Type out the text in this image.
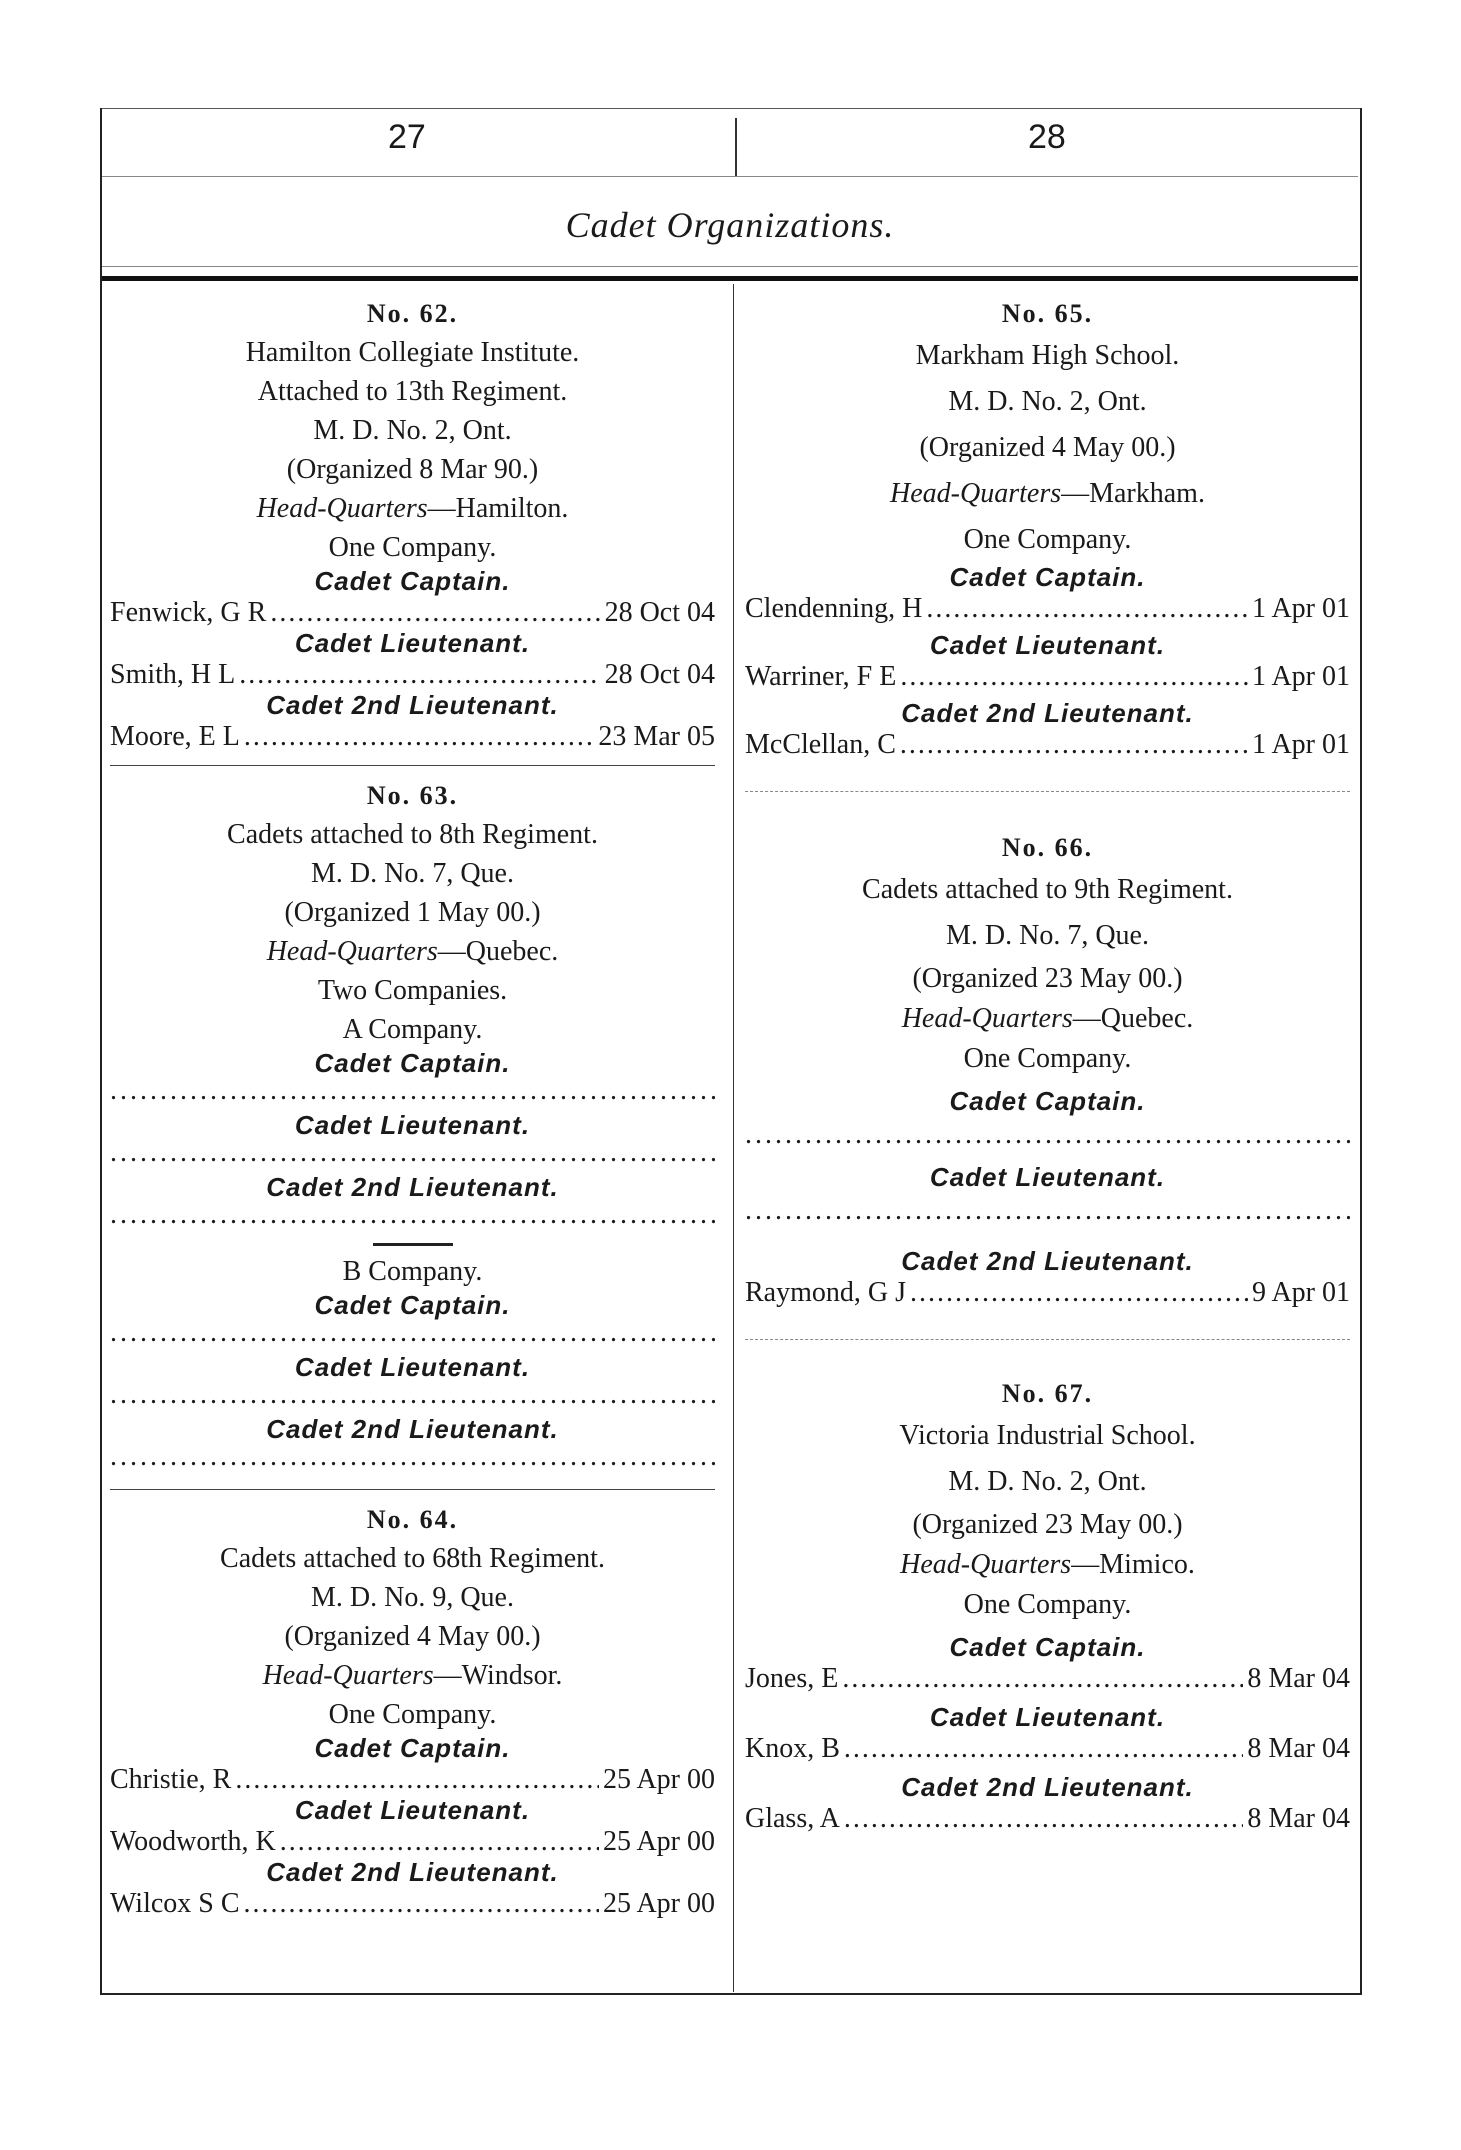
27	28
Cadet Organizations.
No. 62.
Hamilton Collegiate Institute.
Attached to 13th Regiment.
M. D. No. 2, Ont.
(Organized 8 Mar 90.)
Head-Quarters—Hamilton.
One Company.
Cadet Captain.
Fenwick, G R .....	28 Oct 04
Cadet Lieutenant.
Smith, H L .....	28 Oct 04
Cadet 2nd Lieutenant.
Moore, E L .....	23 Mar 05
No. 63.
Cadets attached to 8th Regiment.
M. D. No. 7, Que.
(Organized 1 May 00.)
Head-Quarters—Quebec.
Two Companies.
A Company.
Cadet Captain.
.....
Cadet Lieutenant.
.....
Cadet 2nd Lieutenant.
.....
B Company.
Cadet Captain.
.....
Cadet Lieutenant.
.....
Cadet 2nd Lieutenant.
.....
No. 64.
Cadets attached to 68th Regiment.
M. D. No. 9, Que.
(Organized 4 May 00.)
Head-Quarters—Windsor.
One Company.
Cadet Captain.
Christie, R .....	25 Apr 00
Cadet Lieutenant.
Woodworth, K .....	25 Apr 00
Cadet 2nd Lieutenant.
Wilcox S C .....	25 Apr 00
No. 65.
Markham High School.
M. D. No. 2, Ont.
(Organized 4 May 00.)
Head-Quarters—Markham.
One Company.
Cadet Captain.
Clendenning, H .....	1 Apr 01
Cadet Lieutenant.
Warriner, F E .....	1 Apr 01
Cadet 2nd Lieutenant.
McClellan, C .....	1 Apr 01
No. 66.
Cadets attached to 9th Regiment.
M. D. No. 7, Que.
(Organized 23 May 00.)
Head-Quarters—Quebec.
One Company.
Cadet Captain.
.....
Cadet Lieutenant.
.....
Cadet 2nd Lieutenant.
Raymond, G J .....	9 Apr 01
No. 67.
Victoria Industrial School.
M. D. No. 2, Ont.
(Organized 23 May 00.)
Head-Quarters—Mimico.
One Company.
Cadet Captain.
Jones, E .....	8 Mar 04
Cadet Lieutenant.
Knox, B .....	8 Mar 04
Cadet 2nd Lieutenant.
Glass, A .....	8 Mar 04
